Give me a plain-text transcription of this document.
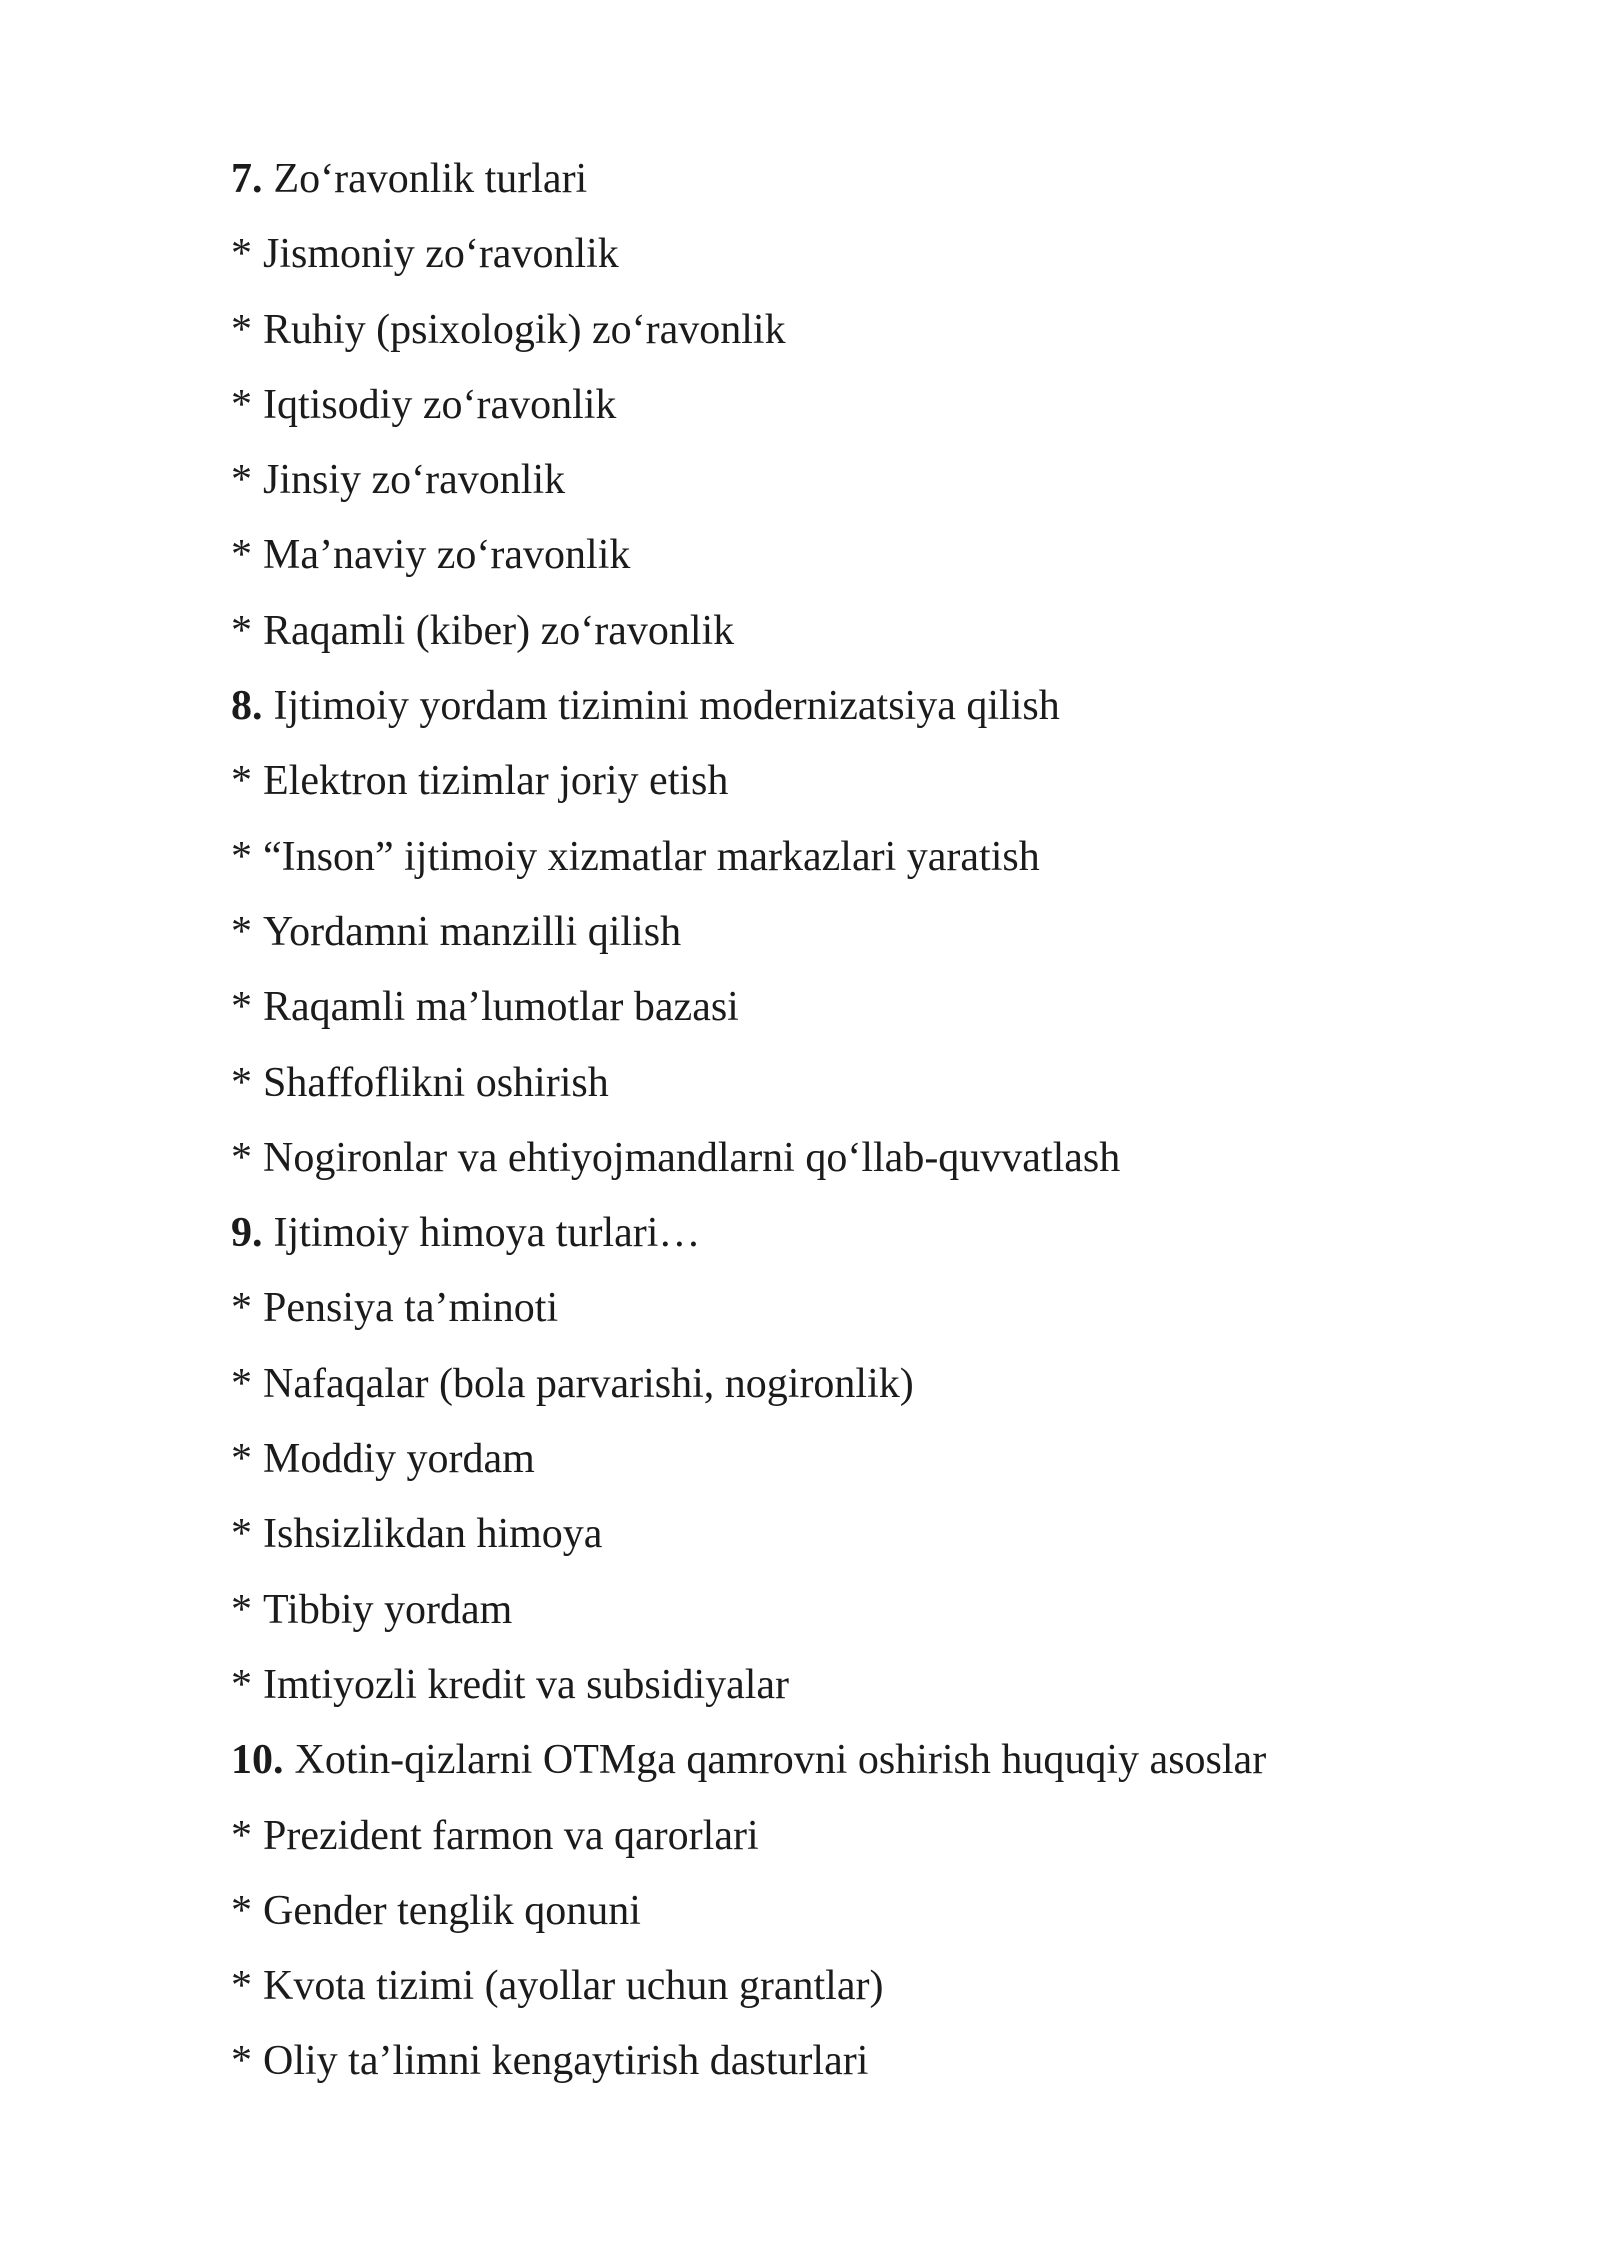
7. Zo‘ravonlik turlari
* Jismoniy zo‘ravonlik
* Ruhiy (psixologik) zo‘ravonlik
* Iqtisodiy zo‘ravonlik
* Jinsiy zo‘ravonlik
* Ma’naviy zo‘ravonlik
* Raqamli (kiber) zo‘ravonlik
8. Ijtimoiy yordam tizimini modernizatsiya qilish
* Elektron tizimlar joriy etish
* “Inson” ijtimoiy xizmatlar markazlari yaratish
* Yordamni manzilli qilish
* Raqamli ma’lumotlar bazasi
* Shaffoflikni oshirish
* Nogironlar va ehtiyojmandlarni qo‘llab-quvvatlash
9. Ijtimoiy himoya turlari…
* Pensiya ta’minoti
* Nafaqalar (bola parvarishi, nogironlik)
* Moddiy yordam
* Ishsizlikdan himoya
* Tibbiy yordam
* Imtiyozli kredit va subsidiyalar
10. Xotin-qizlarni OTMga qamrovni oshirish huquqiy asoslar
* Prezident farmon va qarorlari
* Gender tenglik qonuni
* Kvota tizimi (ayollar uchun grantlar)
* Oliy ta’limni kengaytirish dasturlari
